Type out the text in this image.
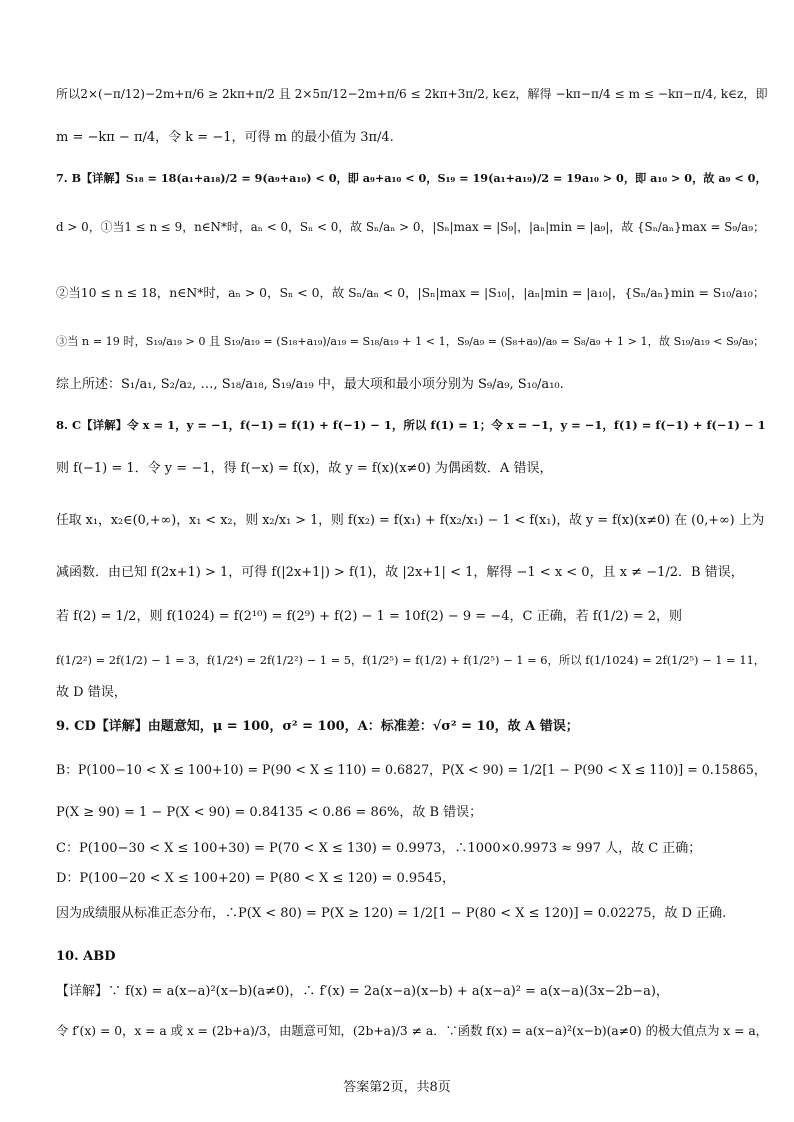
所以2×(−π/12)−2m+π/6 ≥ 2kπ+π/2 且 2×5π/12−2m+π/6 ≤ 2kπ+3π/2, k∈z，解得 −kπ−π/4 ≤ m ≤ −kπ−π/4, k∈z，即
m = −kπ − π/4，令 k = −1，可得 m 的最小值为 3π/4.
7. B【详解】S₁₈ = 18(a₁+a₁₈)/2 = 9(a₉+a₁₀) < 0，即 a₉+a₁₀ < 0，S₁₉ = 19(a₁+a₁₉)/2 = 19a₁₀ > 0，即 a₁₀ > 0，故 a₉ < 0，
d > 0，①当1 ≤ n ≤ 9，n∈N*时，aₙ < 0，Sₙ < 0，故 Sₙ/aₙ > 0，|Sₙ|max = |S₉|，|aₙ|min = |a₉|，故 {Sₙ/aₙ}max = S₉/a₉；
②当10 ≤ n ≤ 18，n∈N*时，aₙ > 0，Sₙ < 0，故 Sₙ/aₙ < 0，|Sₙ|max = |S₁₀|，|aₙ|min = |a₁₀|，{Sₙ/aₙ}min = S₁₀/a₁₀；
③当 n = 19 时，S₁₉/a₁₉ > 0 且 S₁₉/a₁₉ = (S₁₈+a₁₉)/a₁₉ = S₁₈/a₁₉ + 1 < 1，S₉/a₉ = (S₈+a₉)/a₉ = S₈/a₉ + 1 > 1，故 S₁₉/a₁₉ < S₉/a₉；
综上所述：S₁/a₁, S₂/a₂, …, S₁₈/a₁₈, S₁₉/a₁₉ 中，最大项和最小项分别为 S₉/a₉, S₁₀/a₁₀.
8. C【详解】令 x = 1，y = −1，f(−1) = f(1) + f(−1) − 1，所以 f(1) = 1；令 x = −1，y = −1，f(1) = f(−1) + f(−1) − 1
则 f(−1) = 1．令 y = −1，得 f(−x) = f(x)，故 y = f(x)(x≠0) 为偶函数．A 错误，
任取 x₁，x₂∈(0,+∞)，x₁ < x₂，则 x₂/x₁ > 1，则 f(x₂) = f(x₁) + f(x₂/x₁) − 1 < f(x₁)，故 y = f(x)(x≠0) 在 (0,+∞) 上为
减函数．由已知 f(2x+1) > 1，可得 f(|2x+1|) > f(1)，故 |2x+1| < 1，解得 −1 < x < 0，且 x ≠ −1/2．B 错误，
若 f(2) = 1/2，则 f(1024) = f(2¹⁰) = f(2⁹) + f(2) − 1 = 10f(2) − 9 = −4，C 正确，若 f(1/2) = 2，则
f(1/2²) = 2f(1/2) − 1 = 3，f(1/2⁴) = 2f(1/2²) − 1 = 5，f(1/2⁵) = f(1/2) + f(1/2⁵) − 1 = 6，所以 f(1/1024) = 2f(1/2⁵) − 1 = 11，
故 D 错误，
9. CD【详解】由题意知，μ = 100，σ² = 100，A：标准差：√σ² = 10，故 A 错误；
B：P(100−10 < X ≤ 100+10) = P(90 < X ≤ 110) = 0.6827，P(X < 90) = 1/2[1 − P(90 < X ≤ 110)] = 0.15865，
P(X ≥ 90) = 1 − P(X < 90) = 0.84135 < 0.86 = 86%，故 B 错误；
C：P(100−30 < X ≤ 100+30) = P(70 < X ≤ 130) = 0.9973，∴1000×0.9973 ≈ 997 人，故 C 正确；
D：P(100−20 < X ≤ 100+20) = P(80 < X ≤ 120) = 0.9545，
因为成绩服从标准正态分布，∴P(X < 80) = P(X ≥ 120) = 1/2[1 − P(80 < X ≤ 120)] = 0.02275，故 D 正确.
10. ABD
【详解】∵ f(x) = a(x−a)²(x−b)(a≠0)，∴ f′(x) = 2a(x−a)(x−b) + a(x−a)² = a(x−a)(3x−2b−a)，
令 f′(x) = 0，x = a 或 x = (2b+a)/3，由题意可知，(2b+a)/3 ≠ a．∵函数 f(x) = a(x−a)²(x−b)(a≠0) 的极大值点为 x = a，
答案第2页，共8页
